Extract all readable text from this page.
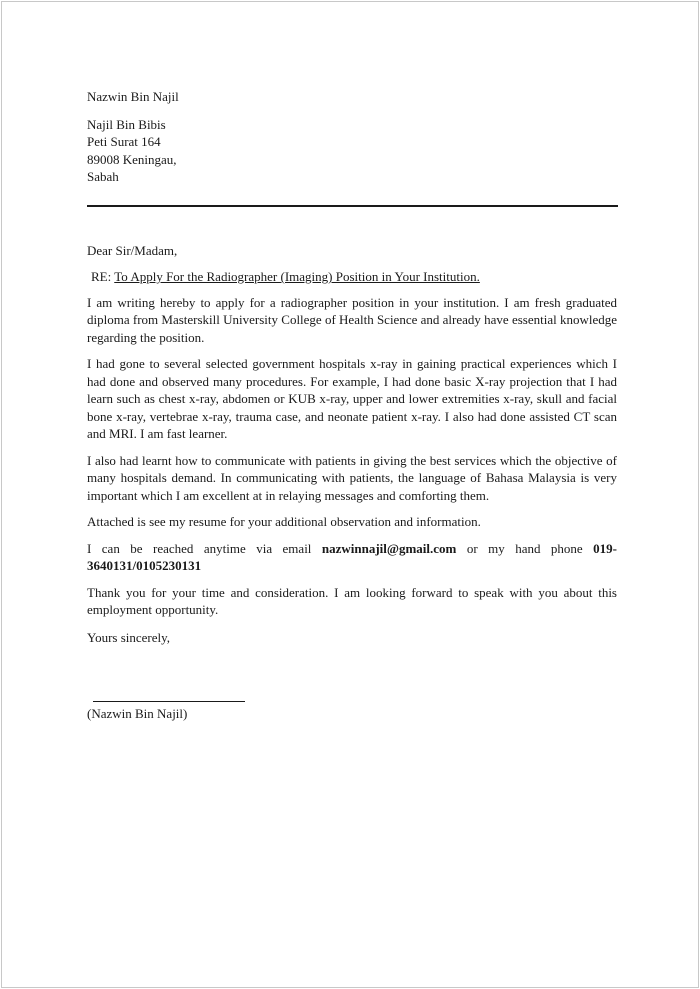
Nazwin Bin Najil
Najil Bin Bibis
Peti Surat 164
89008 Keningau,
Sabah
Dear Sir/Madam,
RE: To Apply For the Radiographer (Imaging) Position in Your Institution.

I am writing hereby to apply for a radiographer position in your institution. I am fresh graduated diploma from Masterskill University College of Health Science and already have essential knowledge regarding the position.

I had gone to several selected government hospitals x-ray in gaining practical experiences which I had done and observed many procedures. For example, I had done basic X-ray projection that I had learn such as chest x-ray, abdomen or KUB x-ray, upper and lower extremities x-ray, skull and facial bone x-ray, vertebrae x-ray, trauma case, and neonate patient x-ray. I also had done assisted CT scan and MRI. I am fast learner.

I also had learnt how to communicate with patients in giving the best services which the objective of many hospitals demand. In communicating with patients, the language of Bahasa Malaysia is very important which I am excellent at in relaying messages and comforting them.

Attached is see my resume for your additional observation and information.

I can be reached anytime via email nazwinnajil@gmail.com or my hand phone 019-
3640131/0105230131

Thank you for your time and consideration. I am looking forward to speak with you about this employment opportunity.

Yours sincerely,
(Nazwin Bin Najil)
